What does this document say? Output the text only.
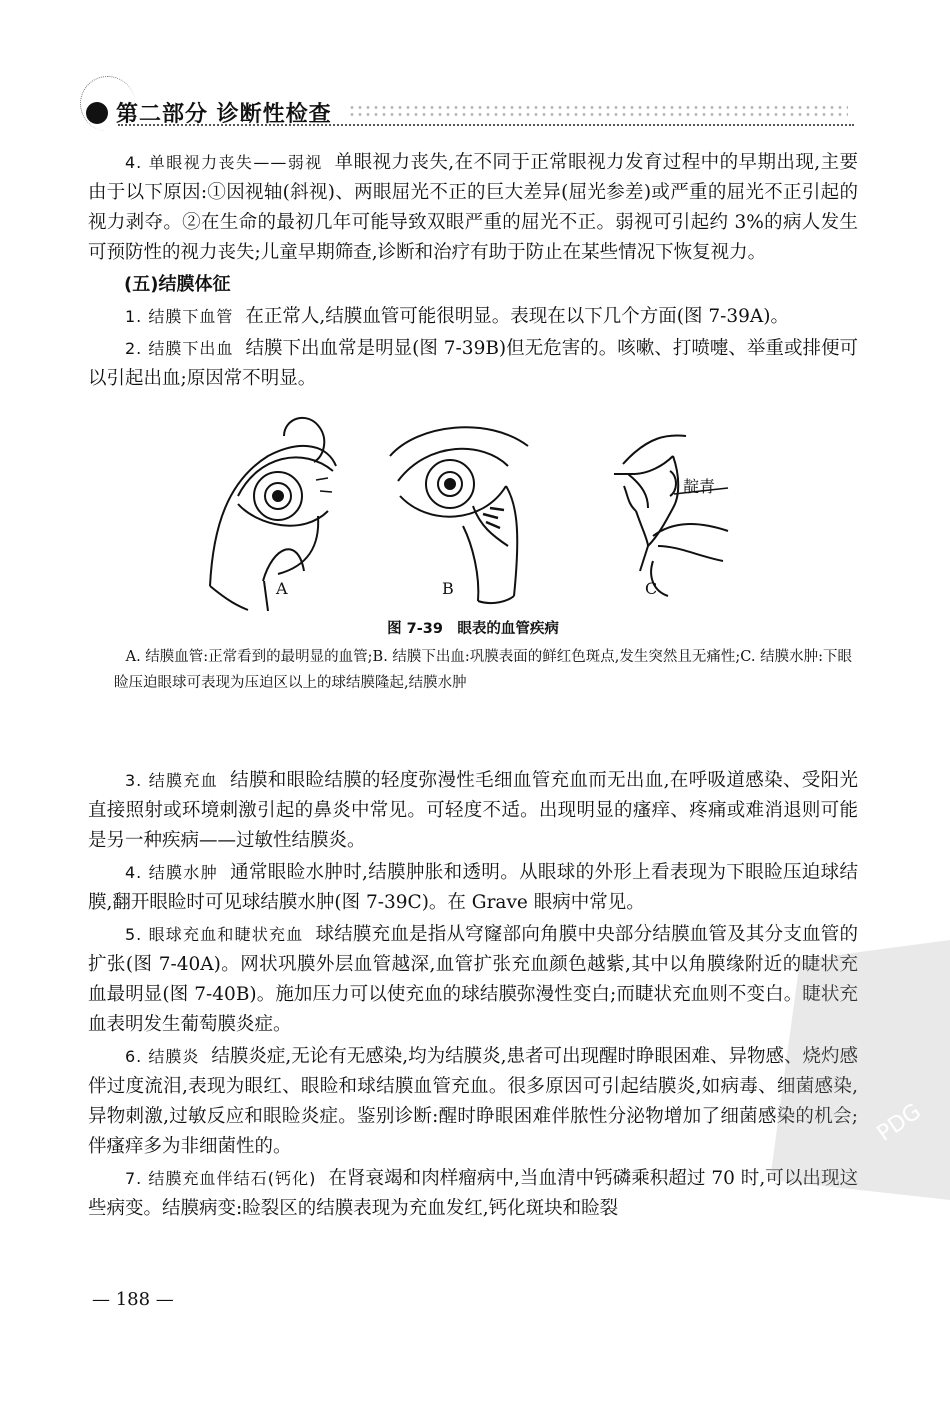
第二部分 诊断性检查

4. 单眼视力丧失——弱视 单眼视力丧失,在不同于正常眼视力发育过程中的早期出现,主要由于以下原因:①因视轴(斜视)、两眼屈光不正的巨大差异(屈光参差)或严重的屈光不正引起的视力剥夺。②在生命的最初几年可能导致双眼严重的屈光不正。弱视可引起约 3%的病人发生可预防性的视力丧失;儿童早期筛查,诊断和治疗有助于防止在某些情况下恢复视力。

(五)结膜体征

1. 结膜下血管 在正常人,结膜血管可能很明显。表现在以下几个方面(图 7-39A)。

2. 结膜下出血 结膜下出血常是明显(图 7-39B)但无危害的。咳嗽、打喷嚏、举重或排便可以引起出血;原因常不明显。

A	B	C
靛青
图 7-39　眼表的血管疾病
A. 结膜血管:正常看到的最明显的血管;B. 结膜下出血:巩膜表面的鲜红色斑点,发生突然且无痛性;C. 结膜水肿:下眼睑压迫眼球可表现为压迫区以上的球结膜隆起,结膜水肿

3. 结膜充血 结膜和眼睑结膜的轻度弥漫性毛细血管充血而无出血,在呼吸道感染、受阳光直接照射或环境刺激引起的鼻炎中常见。可轻度不适。出现明显的瘙痒、疼痛或难消退则可能是另一种疾病——过敏性结膜炎。

4. 结膜水肿 通常眼睑水肿时,结膜肿胀和透明。从眼球的外形上看表现为下眼睑压迫球结膜,翻开眼睑时可见球结膜水肿(图 7-39C)。在 Grave 眼病中常见。

5. 眼球充血和睫状充血 球结膜充血是指从穹窿部向角膜中央部分结膜血管及其分支血管的扩张(图 7-40A)。网状巩膜外层血管越深,血管扩张充血颜色越紫,其中以角膜缘附近的睫状充血最明显(图 7-40B)。施加压力可以使充血的球结膜弥漫性变白;而睫状充血则不变白。睫状充血表明发生葡萄膜炎症。

6. 结膜炎 结膜炎症,无论有无感染,均为结膜炎,患者可出现醒时睁眼困难、异物感、烧灼感伴过度流泪,表现为眼红、眼睑和球结膜血管充血。很多原因可引起结膜炎,如病毒、细菌感染,异物刺激,过敏反应和眼睑炎症。鉴别诊断:醒时睁眼困难伴脓性分泌物增加了细菌感染的机会;伴瘙痒多为非细菌性的。

7. 结膜充血伴结石(钙化) 在肾衰竭和肉样瘤病中,当血清中钙磷乘积超过 70 时,可以出现这些病变。结膜病变:睑裂区的结膜表现为充血发红,钙化斑块和睑裂

— 188 —
PDG
